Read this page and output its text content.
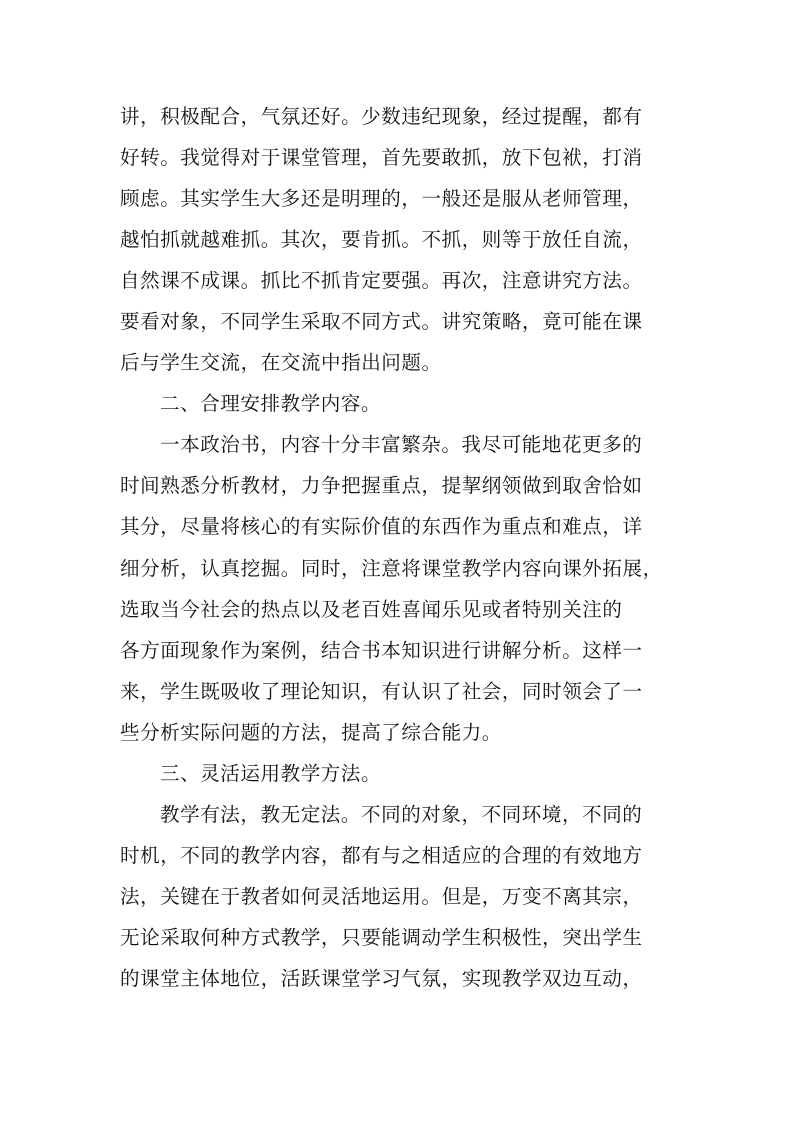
讲，积极配合，气氛还好。少数违纪现象，经过提醒，都有
好转。我觉得对于课堂管理，首先要敢抓，放下包袱，打消
顾虑。其实学生大多还是明理的，一般还是服从老师管理，
越怕抓就越难抓。其次，要肯抓。不抓，则等于放任自流，
自然课不成课。抓比不抓肯定要强。再次，注意讲究方法。
要看对象，不同学生采取不同方式。讲究策略，竟可能在课
后与学生交流，在交流中指出问题。
二、合理安排教学内容。
一本政治书，内容十分丰富繁杂。我尽可能地花更多的
时间熟悉分析教材，力争把握重点，提挈纲领做到取舍恰如
其分，尽量将核心的有实际价值的东西作为重点和难点，详
细分析，认真挖掘。同时，注意将课堂教学内容向课外拓展，
选取当今社会的热点以及老百姓喜闻乐见或者特别关注的
各方面现象作为案例，结合书本知识进行讲解分析。这样一
来，学生既吸收了理论知识，有认识了社会，同时领会了一
些分析实际问题的方法，提高了综合能力。
三、灵活运用教学方法。
教学有法，教无定法。不同的对象，不同环境，不同的
时机，不同的教学内容，都有与之相适应的合理的有效地方
法，关键在于教者如何灵活地运用。但是，万变不离其宗，
无论采取何种方式教学，只要能调动学生积极性，突出学生
的课堂主体地位，活跃课堂学习气氛，实现教学双边互动，
